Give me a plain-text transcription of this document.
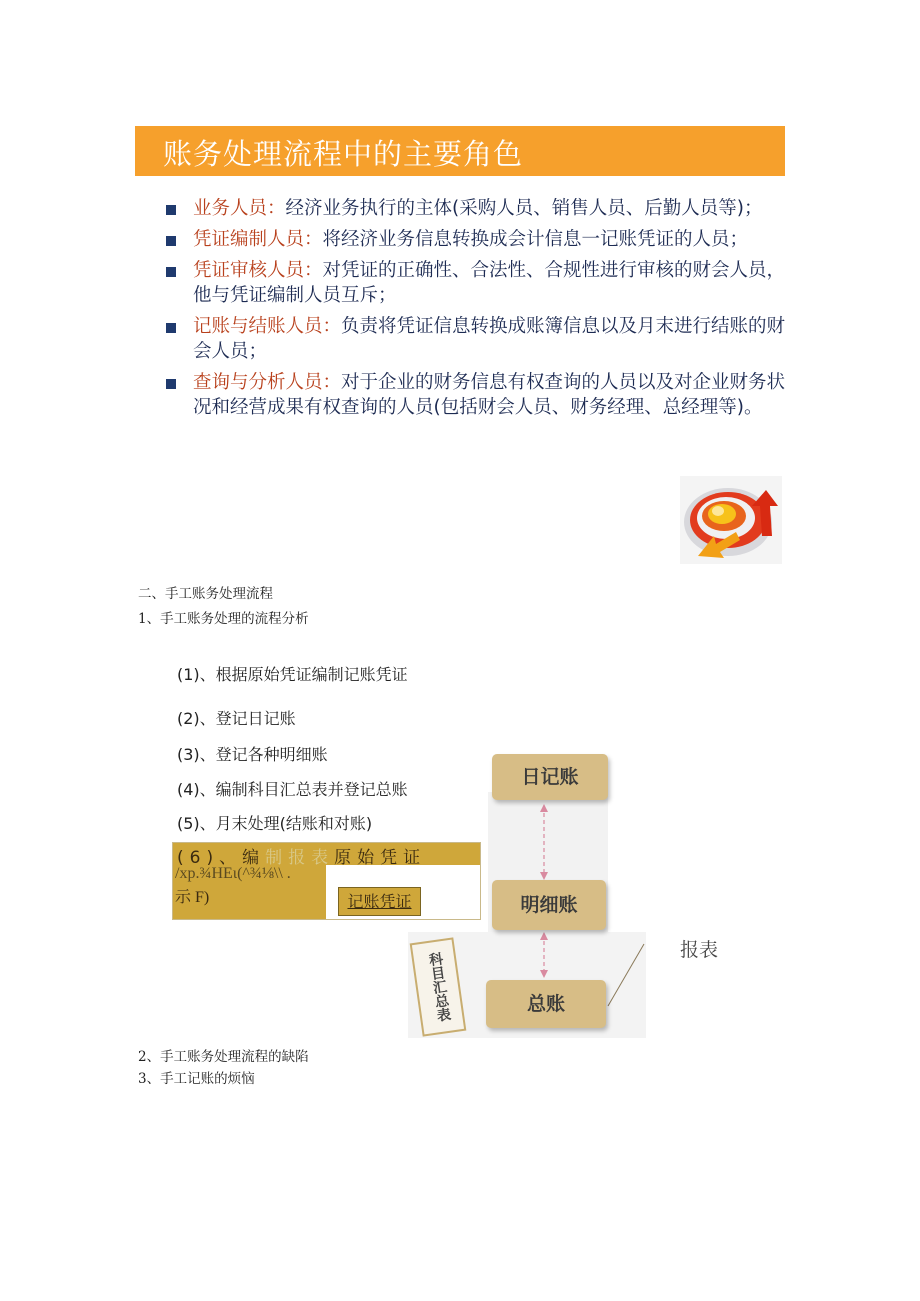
账务处理流程中的主要角色
业务人员：经济业务执行的主体(采购人员、销售人员、后勤人员等)；
凭证编制人员：将经济业务信息转换成会计信息一记账凭证的人员；
凭证审核人员：对凭证的正确性、合法性、合规性进行审核的财会人员，他与凭证编制人员互斥；
记账与结账人员：负责将凭证信息转换成账簿信息以及月末进行结账的财会人员；
查询与分析人员：对于企业的财务信息有权查询的人员以及对企业财务状况和经营成果有权查询的人员(包括财会人员、财务经理、总经理等)。
二、手工账务处理流程
1、手工账务处理的流程分析
(1)、根据原始凭证编制记账凭证
(2)、登记日记账
(3)、登记各种明细账
(4)、编制科目汇总表并登记总账
(5)、月末处理(结账和对账)
(6)、编制报表原始凭证
/xp.¾HEι(^¾⅛\\ .
示 F)	记账凭证
日记账
明细账
总账
科目汇总表
报表
2、手工账务处理流程的缺陷
3、手工记账的烦恼
